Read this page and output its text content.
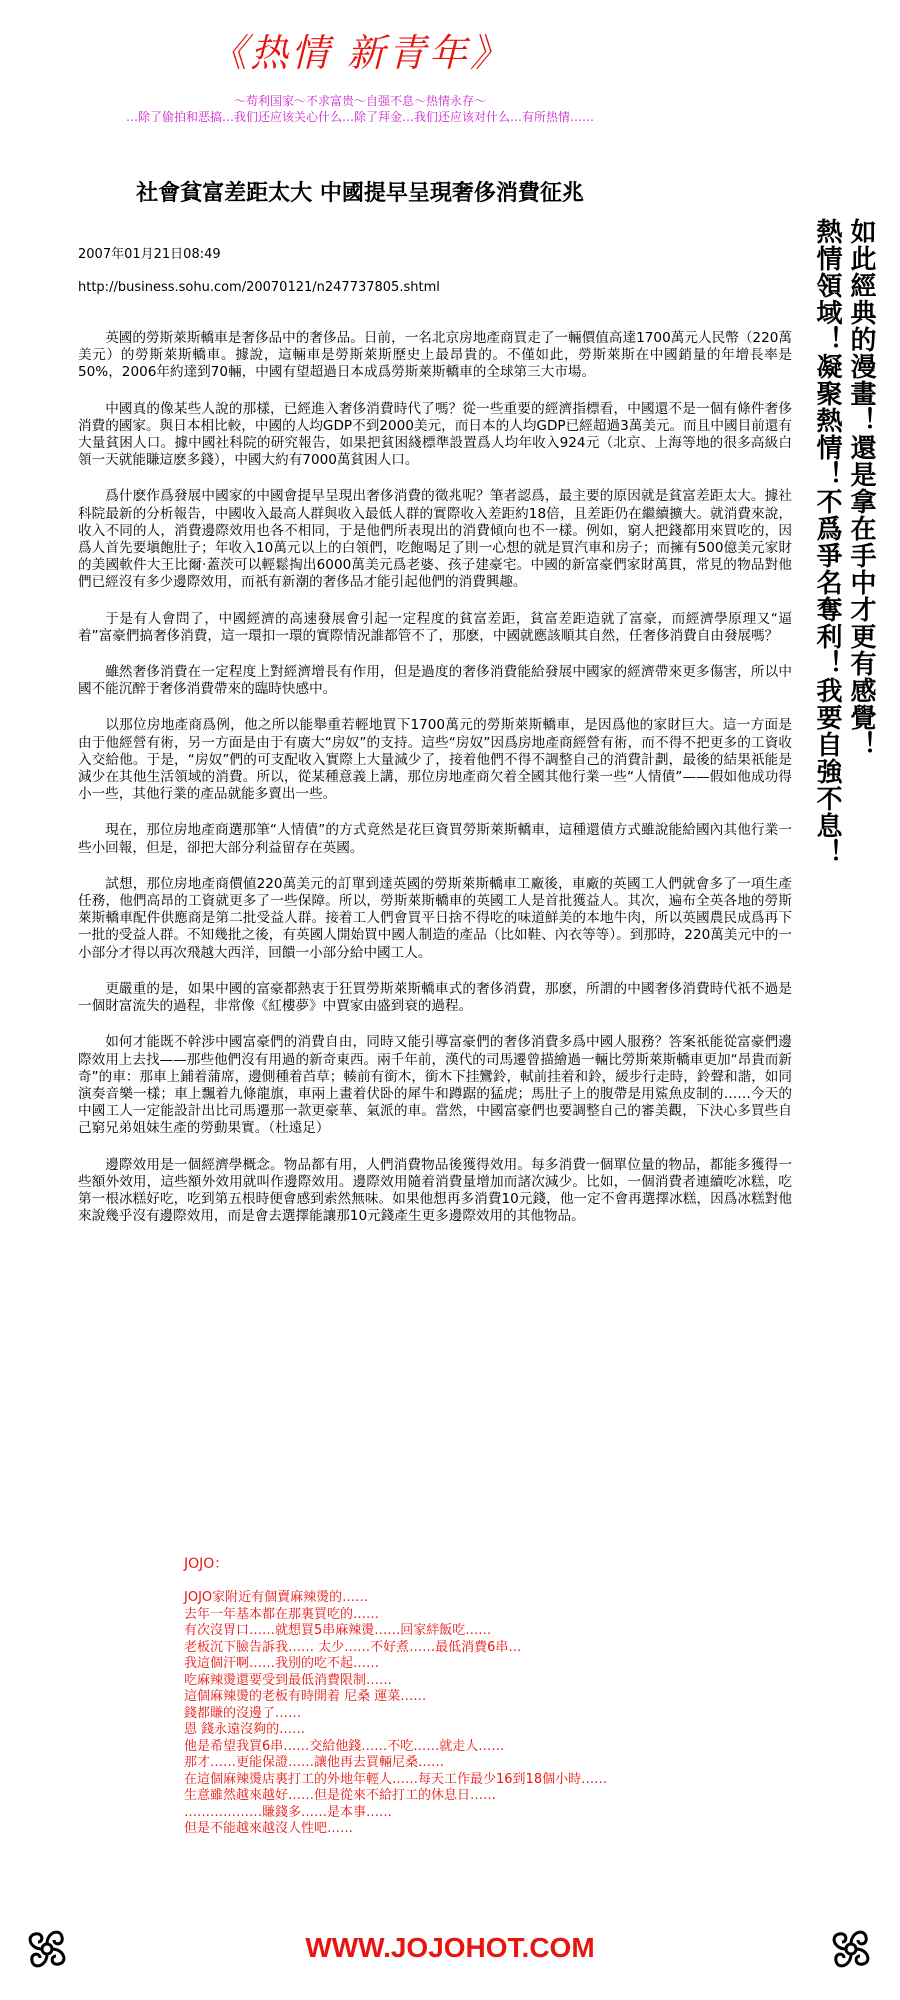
《热情 新青年》
～苟利国家～不求富贵～自强不息～热情永存～
…除了偷拍和恶搞…我们还应该关心什么…除了拜金…我们还应该对什么…有所热情……
社會貧富差距太大 中國提早呈現奢侈消費征兆
2007年01月21日08:49
http://business.sohu.com/20070121/n247737805.shtml

英國的勞斯萊斯轎車是奢侈品中的奢侈品。日前，一名北京房地產商買走了一輛價值高達1700萬元人民幣（220萬美元）的勞斯萊斯轎車。據說，這輛車是勞斯萊斯歷史上最昂貴的。不僅如此，勞斯萊斯在中國銷量的年增長率是50%，2006年約達到70輛，中國有望超過日本成爲勞斯萊斯轎車的全球第三大市場。

中國真的像某些人說的那樣，已經進入奢侈消費時代了嗎？從一些重要的經濟指標看，中國還不是一個有條件奢侈消費的國家。與日本相比較，中國的人均GDP不到2000美元，而日本的人均GDP已經超過3萬美元。而且中國目前還有大量貧困人口。據中國社科院的研究報告，如果把貧困綫標準設置爲人均年收入924元（北京、上海等地的很多高級白領一天就能賺這麽多錢），中國大約有7000萬貧困人口。

爲什麽作爲發展中國家的中國會提早呈現出奢侈消費的徵兆呢？筆者認爲，最主要的原因就是貧富差距太大。據社科院最新的分析報告，中國收入最高人群與收入最低人群的實際收入差距約18倍，且差距仍在繼續擴大。就消費來說，收入不同的人，消費邊際效用也各不相同，于是他們所表現出的消費傾向也不一樣。例如，窮人把錢都用來買吃的，因爲人首先要塡飽肚子；年收入10萬元以上的白領們，吃飽喝足了則一心想的就是買汽車和房子；而擁有500億美元家財的美國軟件大王比爾·蓋茨可以輕鬆掏出6000萬美元爲老婆、孩子建豪宅。中國的新富豪們家財萬貫，常見的物品對他們已經沒有多少邊際效用，而祇有新潮的奢侈品才能引起他們的消費興趣。

于是有人會問了，中國經濟的高速發展會引起一定程度的貧富差距，貧富差距造就了富豪，而經濟學原理又“逼着”富豪們搞奢侈消費，這一環扣一環的實際情況誰都管不了，那麽，中國就應該順其自然，任奢侈消費自由發展嗎？

雖然奢侈消費在一定程度上對經濟增長有作用，但是過度的奢侈消費能給發展中國家的經濟帶來更多傷害，所以中國不能沉醉于奢侈消費帶來的臨時快感中。

以那位房地產商爲例，他之所以能舉重若輕地買下1700萬元的勞斯萊斯轎車，是因爲他的家財巨大。這一方面是由于他經營有術，另一方面是由于有廣大“房奴”的支持。這些“房奴”因爲房地產商經營有術，而不得不把更多的工資收入交給他。于是，“房奴”們的可支配收入實際上大量減少了，接着他們不得不調整自己的消費計劃，最後的結果祇能是減少在其他生活領域的消費。所以，從某種意義上講，那位房地產商欠着全國其他行業一些“人情債”——假如他成功得小一些，其他行業的產品就能多賣出一些。

現在，那位房地產商選那筆“人情債”的方式竟然是花巨資買勞斯萊斯轎車，這種還債方式雖說能給國內其他行業一些小回報，但是，卻把大部分利益留存在英國。

試想，那位房地產商價値220萬美元的訂單到達英國的勞斯萊斯轎車工廠後，車廠的英國工人們就會多了一項生產任務，他們高昂的工資就更多了一些保障。所以，勞斯萊斯轎車的英國工人是首批獲益人。其次，遍布全英各地的勞斯萊斯轎車配件供應商是第二批受益人群。接着工人們會買平日捨不得吃的味道鮮美的本地牛肉，所以英國農民成爲再下一批的受益人群。不知幾批之後，有英國人開始買中國人制造的產品（比如鞋、內衣等等）。到那時，220萬美元中的一小部分才得以再次飛越大西洋，回饋一小部分給中國工人。

更嚴重的是，如果中國的富豪都熱衷于狂買勞斯萊斯轎車式的奢侈消費，那麽，所謂的中國奢侈消費時代祇不過是一個財富流失的過程，非常像《紅樓夢》中賈家由盛到衰的過程。

如何才能既不幹涉中國富豪們的消費自由，同時又能引導富豪們的奢侈消費多爲中國人服務？答案祇能從富豪們邊際效用上去找——那些他們沒有用過的新奇東西。兩千年前，漢代的司馬遷曾描繪過一輛比勞斯萊斯轎車更加“昂貴而新奇”的車：那車上鋪着蒲席，邊側種着苩草；輳前有銜木，銜木下挂鸞鈴，軾前挂着和鈴，緩步行走時，鈴聲和諧，如同演奏音樂一樣；車上飄着九條龍旗，車兩上畫着伏卧的犀牛和蹲踞的猛虎；馬肚子上的腹帶是用鯊魚皮制的……今天的中國工人一定能設計出比司馬遷那一款更豪華、氣派的車。當然，中國富豪們也要調整自己的審美觀，下決心多買些自己窮兄弟姐妹生產的勞動果實。（杜遠足）

邊際效用是一個經濟學概念。物品都有用，人們消費物品後獲得效用。每多消費一個單位量的物品，都能多獲得一些額外效用，這些額外效用就叫作邊際效用。邊際效用隨着消費量增加而諸次減少。比如，一個消費者連續吃冰糕，吃第一根冰糕好吃，吃到第五根時便會感到索然無味。如果他想再多消費10元錢，他一定不會再選擇冰糕，因爲冰糕對他來說幾乎沒有邊際效用，而是會去選擇能讓那10元錢產生更多邊際效用的其他物品。

如此經典的漫畫！還是拿在手中才更有感覺！
熱情領域！凝聚熱情！不爲爭名奪利！我要自強不息！
JOJO：
JOJO家附近有個賣麻辣燙的……
去年一年基本都在那裏買吃的……
有次沒胃口……就想買5串麻辣燙……回家絆飯吃……
老板沉下臉告訴我…… 太少……不好煮……最低消費6串…
我這個汗啊……我別的吃不起……
吃麻辣燙還要受到最低消費限制……
這個麻辣燙的老板有時開着 尼桑 運菜……
錢都賺的沒邊了……
恩 錢永遠沒夠的……
他是希望我買6串……交給他錢……不吃……就走人……
那才……更能保證……讓他再去買輛尼桑……
在這個麻辣燙店裏打工的外地年輕人……每天工作最少16到18個小時……
生意雖然越來越好……但是從來不給打工的休息日……
………………賺錢多……是本事……
但是不能越來越沒人性吧……
WWW.JOJOHOT.COM
